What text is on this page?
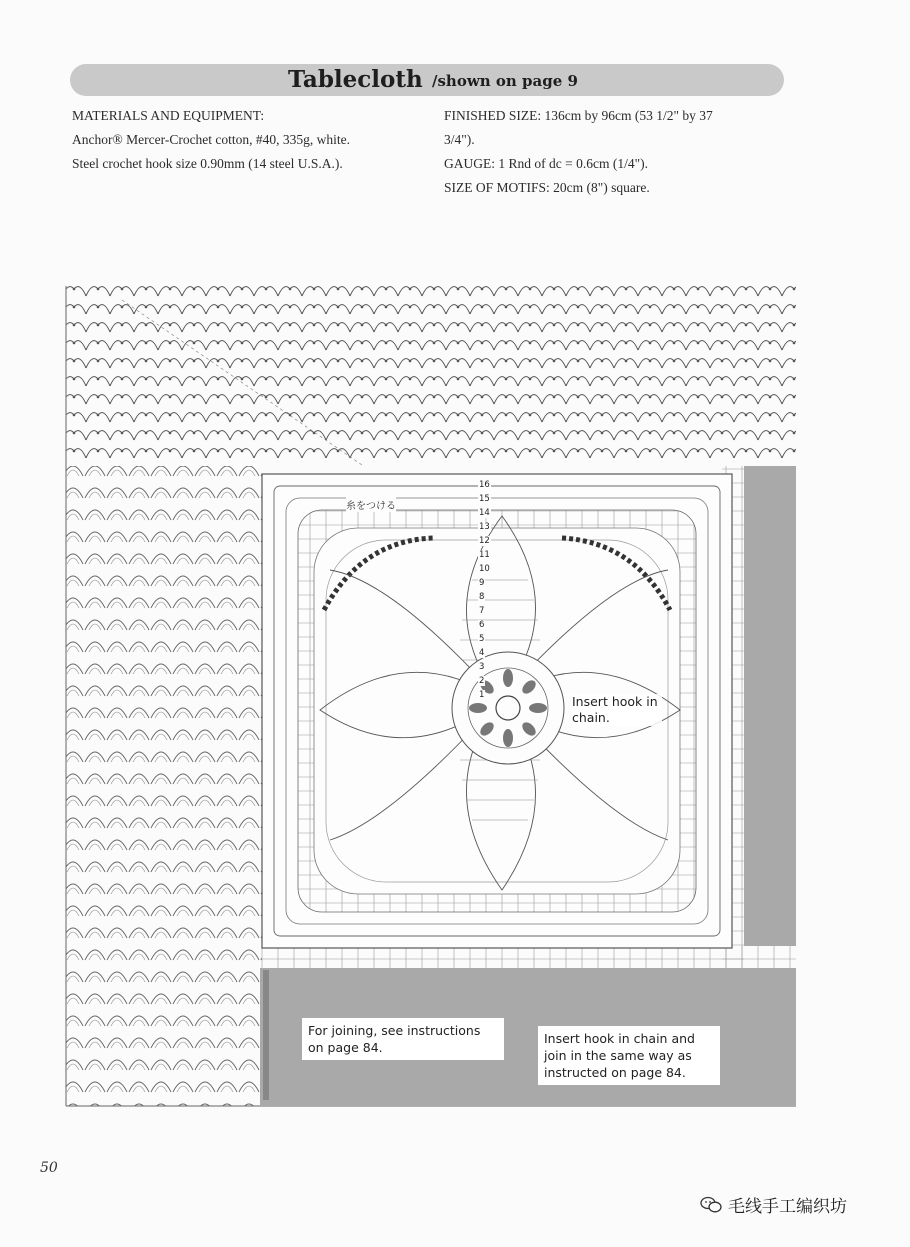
Tablecloth /shown on page 9

MATERIALS AND EQUIPMENT:

Anchor® Mercer-Crochet cotton, #40, 335g, white.

Steel crochet hook size 0.90mm (14 steel U.S.A.).

FINISHED SIZE: 136cm by 96cm (53 1/2" by 37

3/4").

GAUGE: 1 Rnd of dc = 0.6cm (1/4").

SIZE OF MOTIFS: 20cm (8") square.

16
15
14
13
12
11
10
9
8
7
6
5
4
3
2
1
糸をつける
Insert hook in chain.
For joining, see instructions on page 84.
Insert hook in chain and join in the same way as instructed on page 84.
50
毛线手工编织坊
